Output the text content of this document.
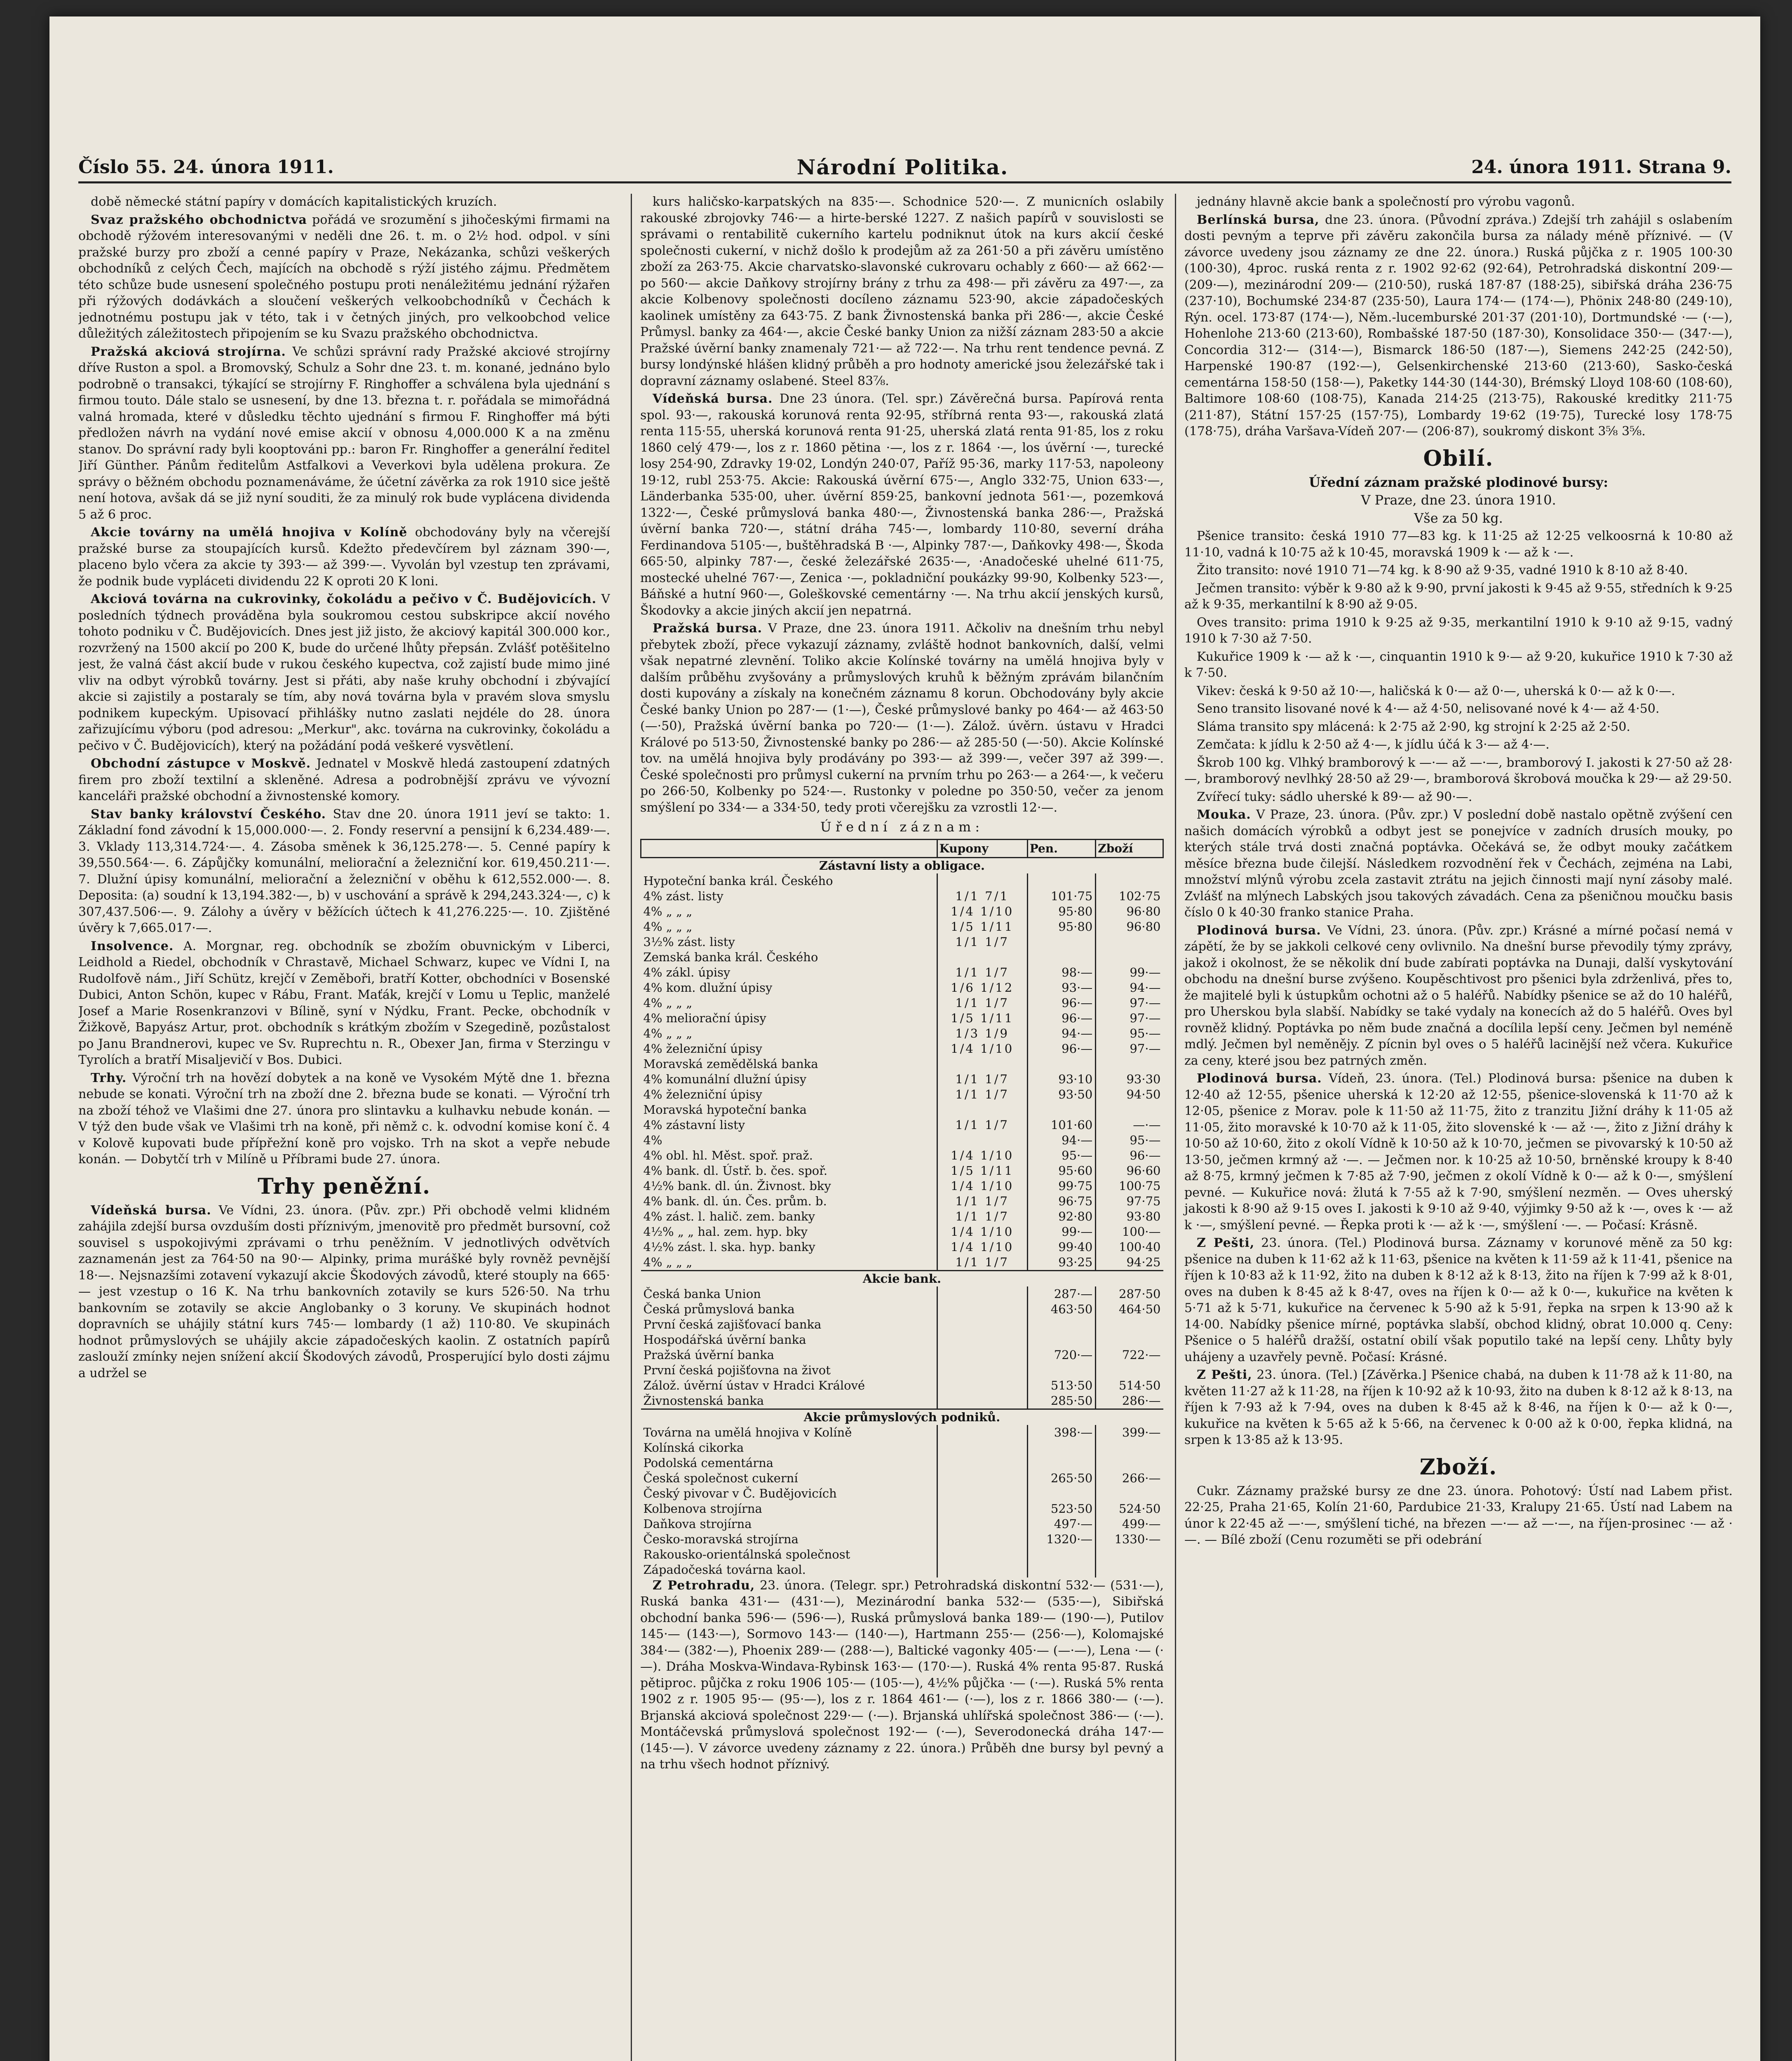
Číslo 55. 24. února 1911.	Národní Politika.	24. února 1911. Strana 9.

době německé státní papíry v domácích kapitalistických kruzích.

Svaz pražského obchodnictva pořádá ve srozumění s jihočeskými firmami na obchodě rýžovém interesovanými v neděli dne 26. t. m. o 2½ hod. odpol. v síni pražské burzy pro zboží a cenné papíry v Praze, Nekázanka, schůzi veškerých obchodníků z celých Čech, majících na obchodě s rýží jistého zájmu. Předmětem této schůze bude usnesení společného postupu proti nenáležitému jednání rýžařen při rýžových dodávkách a sloučení veškerých velkoobchodníků v Čechách k jednotnému postupu jak v této, tak i v četných jiných, pro velkoobchod velice důležitých záležitostech připojením se ku Svazu pražského obchodnictva.

Pražská akciová strojírna. Ve schůzi správní rady Pražské akciové strojírny dříve Ruston a spol. a Bromovský, Schulz a Sohr dne 23. t. m. konané, jednáno bylo podrobně o transakci, týkající se strojírny F. Ringhoffer a schválena byla ujednání s firmou touto. Dále stalo se usnesení, by dne 13. března t. r. pořádala se mimořádná valná hromada, které v důsledku těchto ujednání s firmou F. Ringhoffer má býti předložen návrh na vydání nové emise akcií v obnosu 4,000.000 K a na změnu stanov. Do správní rady byli kooptováni pp.: baron Fr. Ringhoffer a generální ředitel Jiří Günther. Pánům ředitelům Astfalkovi a Veverkovi byla udělena prokura. Ze správy o běžném obchodu poznamenáváme, že účetní závěrka za rok 1910 sice ještě není hotova, avšak dá se již nyní souditi, že za minulý rok bude vyplácena dividenda 5 až 6 proc.

Akcie továrny na umělá hnojiva v Kolíně obchodovány byly na včerejší pražské burse za stoupajících kursů. Kdežto předevčírem byl záznam 390·—, placeno bylo včera za akcie ty 393·— až 399·—. Vyvolán byl vzestup ten zprávami, že podnik bude vypláceti dividendu 22 K oproti 20 K loni.

Akciová továrna na cukrovinky, čokoládu a pečivo v Č. Budějovicích. V posledních týdnech prováděna byla soukromou cestou subskripce akcií nového tohoto podniku v Č. Budějovicích. Dnes jest již jisto, že akciový kapitál 300.000 kor., rozvržený na 1500 akcií po 200 K, bude do určené lhůty přepsán. Zvlášť potěšitelno jest, že valná část akcií bude v rukou českého kupectva, což zajistí bude mimo jiné vliv na odbyt výrobků továrny. Jest si přáti, aby naše kruhy obchodní i zbývající akcie si zajistily a postaraly se tím, aby nová továrna byla v pravém slova smyslu podnikem kupeckým. Upisovací přihlášky nutno zaslati nejdéle do 28. února zařizujícímu výboru (pod adresou: „Merkur", akc. továrna na cukrovinky, čokoládu a pečivo v Č. Budějovicích), který na požádání podá veškeré vysvětlení.

Obchodní zástupce v Moskvě. Jednatel v Moskvě hledá zastoupení zdatných firem pro zboží textilní a skleněné. Adresa a podrobnější zprávu ve vývozní kanceláři pražské obchodní a živnostenské komory.

Stav banky království Českého. Stav dne 20. února 1911 jeví se takto: 1. Základní fond závodní k 15,000.000·—. 2. Fondy reservní a pensijní k 6,234.489·—. 3. Vklady 113,314.724·—. 4. Zásoba směnek k 36,125.278·—. 5. Cenné papíry k 39,550.564·—. 6. Zápůjčky komunální, meliorační a železniční kor. 619,450.211·—. 7. Dlužní úpisy komunální, meliorační a železniční v oběhu k 612,552.000·—. 8. Deposita: (a) soudní k 13,194.382·—, b) v uschování a správě k 294,243.324·—, c) k 307,437.506·—. 9. Zálohy a úvěry v běžících účtech k 41,276.225·—. 10. Zjištěné úvěry k 7,665.017·—.

Insolvence. A. Morgnar, reg. obchodník se zbožím obuvnickým v Liberci, Leidhold a Riedel, obchodník v Chrastavě, Michael Schwarz, kupec ve Vídni I, na Rudolfově nám., Jiří Schütz, krejčí v Zeměboři, bratří Kotter, obchodníci v Bosenské Dubici, Anton Schön, kupec v Rábu, Frant. Maťák, krejčí v Lomu u Teplic, manželé Josef a Marie Rosenkranzovi v Bílině, syní v Nýdku, Frant. Pecke, obchodník v Žižkově, Bapyász Artur, prot. obchodník s krátkým zbožím v Szegedině, pozůstalost po Janu Brandnerovi, kupec ve Sv. Ruprechtu n. R., Obexer Jan, firma v Sterzingu v Tyrolích a bratří Misaljevičí v Bos. Dubici.

Trhy. Výroční trh na hovězí dobytek a na koně ve Vysokém Mýtě dne 1. března nebude se konati. Výroční trh na zboží dne 2. března bude se konati. — Výroční trh na zboží téhož ve Vlašimi dne 27. února pro slintavku a kulhavku nebude konán. — V týž den bude však ve Vlašimi trh na koně, při němž c. k. odvodní komise koní č. 4 v Kolově kupovati bude přípřežní koně pro vojsko. Trh na skot a vepře nebude konán. — Dobytčí trh v Milíně u Příbrami bude 27. února.

Trhy peněžní.

Vídeňská bursa. Ve Vídni, 23. února. (Pův. zpr.) Při obchodě velmi klidném zahájila zdejší bursa ovzduším dosti příznivým, jmenovitě pro předmět bursovní, což souvisel s uspokojivými zprávami o trhu peněžním. V jednotlivých odvětvích zaznamenán jest za 764·50 na 90·— Alpinky, prima murášké byly rovněž pevnější 18·—. Nejsnazšími zotavení vykazují akcie Škodových závodů, které stouply na 665·— jest vzestup o 16 K. Na trhu bankovních zotavily se kurs 526·50. Na trhu bankovním se zotavily se akcie Anglobanky o 3 koruny. Ve skupinách hodnot dopravních se uhájily státní kurs 745·— lombardy (1 až) 110·80. Ve skupinách hodnot průmyslových se uhájily akcie západočeských kaolin. Z ostatních papírů zaslouží zmínky nejen snížení akcií Škodových závodů, Prosperující bylo dosti zájmu a udržel se

kurs haličsko-karpatských na 835·—. Schodnice 520·—. Z municních oslabily rakouské zbrojovky 746·— a hirte-berské 1227. Z našich papírů v souvislosti se správami o rentabilitě cukerního kartelu podniknut útok na kurs akcií české společnosti cukerní, v nichž došlo k prodejům až za 261·50 a při závěru umístěno zboží za 263·75. Akcie charvatsko-slavonské cukrovaru ochably z 660·— až 662·— po 560·— akcie Daňkovy strojírny brány z trhu za 498·— při závěru za 497·—, za akcie Kolbenovy společnosti docíleno záznamu 523·90, akcie západočeských kaolinek umístěny za 643·75. Z bank Živnostenská banka při 286·—, akcie České Průmysl. banky za 464·—, akcie České banky Union za nižší záznam 283·50 a akcie Pražské úvěrní banky znamenaly 721·— až 722·—. Na trhu rent tendence pevná. Z bursy londýnské hlášen klidný průběh a pro hodnoty americké jsou železářské tak i dopravní záznamy oslabené. Steel 83⅞.

Vídeňská bursa. Dne 23 února. (Tel. spr.) Závěrečná bursa. Papírová renta spol. 93·—, rakouská korunová renta 92·95, stříbrná renta 93·—, rakouská zlatá renta 115·55, uherská korunová renta 91·25, uherská zlatá renta 91·85, los z roku 1860 celý 479·—, los z r. 1860 pětina ·—, los z r. 1864 ·—, los úvěrní ·—, turecké losy 254·90, Zdravky 19·02, Londýn 240·07, Paříž 95·36, marky 117·53, napoleony 19·12, rubl 253·75. Akcie: Rakouská úvěrní 675·—, Anglo 332·75, Union 633·—, Länderbanka 535·00, uher. úvěrní 859·25, bankovní jednota 561·—, pozemková 1322·—, České průmyslová banka 480·—, Živnostenská banka 286·—, Pražská úvěrní banka 720·—, státní dráha 745·—, lombardy 110·80, severní dráha Ferdinandova 5105·—, buštěhradská B ·—, Alpinky 787·—, Daňkovky 498·—, Škoda 665·50, alpinky 787·—, české železářské 2635·—, ·Anadočeské uhelné 611·75, mostecké uhelné 767·—, Zenica ·—, pokladniční poukázky 99·90, Kolbenky 523·—, Báňské a hutní 960·—, Goleškovské cementárny ·—. Na trhu akcií jenských kursů, Škodovky a akcie jiných akcií jen nepatrná.

Pražská bursa. V Praze, dne 23. února 1911. Ačkoliv na dnešním trhu nebyl přebytek zboží, přece vykazují záznamy, zvláště hodnot bankovních, další, velmi však nepatrné zlevnění. Toliko akcie Kolínské továrny na umělá hnojiva byly v dalším průběhu zvyšovány a průmyslových kruhů k běžným zprávám bilančním dosti kupovány a získaly na konečném záznamu 8 korun. Obchodovány byly akcie České banky Union po 287·— (1·—), České průmyslové banky po 464·— až 463·50 (—·50), Pražská úvěrní banka po 720·— (1·—). Zálož. úvěrn. ústavu v Hradci Králové po 513·50, Živnostenské banky po 286·— až 285·50 (—·50). Akcie Kolínské tov. na umělá hnojiva byly prodávány po 393·— až 399·—, večer 397 až 399·—. České společnosti pro průmysl cukerní na prvním trhu po 263·— a 264·—, k večeru po 266·50, Kolbenky po 524·—. Rustonky v poledne po 350·50, večer za jenom smýšlení po 334·— a 334·50, tedy proti včerejšku za vzrostli 12·—.

Úřední záznam:
	Kupony	Pen.	Zboží
Zástavní listy a obligace.			
Hypoteční banka král. Českého			
4% zást. listy	1/1 7/1	101·75	102·75
4% „ „ „	1/4 1/10	95·80	96·80
4% „ „ „	1/5 1/11	95·80	96·80
3½% zást. listy	1/1 1/7		
Zemská banka král. Českého			
4% zákl. úpisy	1/1 1/7	98·—	99·—
4% kom. dlužní úpisy	1/6 1/12	93·—	94·—
4% „ „ „	1/1 1/7	96·—	97·—
4% meliorační úpisy	1/5 1/11	96·—	97·—
4% „ „ „	1/3 1/9	94·—	95·—
4% železniční úpisy	1/4 1/10	96·—	97·—
Moravská zemědělská banka			
4% komunální dlužní úpisy	1/1 1/7	93·10	93·30
4% železniční úpisy	1/1 1/7	93·50	94·50
Moravská hypoteční banka			
4% zástavní listy	1/1 1/7	101·60	—·—
4%		94·—	95·—
4% obl. hl. Měst. spoř. praž.	1/4 1/10	95·—	96·—
4% bank. dl. Ústř. b. čes. spoř.	1/5 1/11	95·60	96·60
4½% bank. dl. ún. Živnost. bky	1/4 1/10	99·75	100·75
4% bank. dl. ún. Čes. prům. b.	1/1 1/7	96·75	97·75
4% zást. l. halič. zem. banky	1/1 1/7	92·80	93·80
4½% „ „ hal. zem. hyp. bky	1/4 1/10	99·—	100·—
4½% zást. l. ska. hyp. banky	1/4 1/10	99·40	100·40
4% „ „ „	1/1 1/7	93·25	94·25
Akcie bank.			
Česká banka Union		287·—	287·50
Česká průmyslová banka		463·50	464·50
První česká zajišťovací banka			
Hospodářská úvěrní banka			
Pražská úvěrní banka		720·—	722·—
První česká pojišťovna na život			
Zálož. úvěrní ústav v Hradci Králové		513·50	514·50
Živnostenská banka		285·50	286·—
Akcie průmyslových podniků.			
Továrna na umělá hnojiva v Kolíně		398·—	399·—
Kolínská cikorka			
Podolská cementárna			
Česká společnost cukerní		265·50	266·—
Český pivovar v Č. Budějovicích			
Kolbenova strojírna		523·50	524·50
Daňkova strojírna		497·—	499·—
Česko-moravská strojírna		1320·—	1330·—
Rakousko-orientálnská společnost			
Západočeská továrna kaol.			

Z Petrohradu, 23. února. (Telegr. spr.) Petrohradská diskontní 532·— (531·—), Ruská banka 431·— (431·—), Mezinárodní banka 532·— (535·—), Sibiřská obchodní banka 596·— (596·—), Ruská průmyslová banka 189·— (190·—), Putilov 145·— (143·—), Sormovo 143·— (140·—), Hartmann 255·— (256·—), Kolomajské 384·— (382·—), Phoenix 289·— (288·—), Baltické vagonky 405·— (—·—), Lena ·— (·—). Dráha Moskva-Windava-Rybinsk 163·— (170·—). Ruská 4% renta 95·87. Ruská pětiproc. půjčka z roku 1906 105·— (105·—), 4½% půjčka ·— (·—). Ruská 5% renta 1902 z r. 1905 95·— (95·—), los z r. 1864 461·— (·—), los z r. 1866 380·— (·—). Brjanská akciová společnost 229·— (·—). Brjanská uhlířská společnost 386·— (·—). Montáčevská průmyslová společnost 192·— (·—), Severodonecká dráha 147·— (145·—). V závorce uvedeny záznamy z 22. února.) Průběh dne bursy byl pevný a na trhu všech hodnot příznivý.

jednány hlavně akcie bank a společností pro výrobu vagonů.

Berlínská bursa, dne 23. února. (Původní zpráva.) Zdejší trh zahájil s oslabením dosti pevným a teprve při závěru zakončila bursa za nálady méně příznivé. — (V závorce uvedeny jsou záznamy ze dne 22. února.) Ruská půjčka z r. 1905 100·30 (100·30), 4proc. ruská renta z r. 1902 92·62 (92·64), Petrohradská diskontní 209·— (209·—), mezinárodní 209·— (210·50), ruská 187·87 (188·25), sibiřská dráha 236·75 (237·10), Bochumské 234·87 (235·50), Laura 174·— (174·—), Phönix 248·80 (249·10), Rýn. ocel. 173·87 (174·—), Něm.-lucemburské 201·37 (201·10), Dortmundské ·— (·—), Hohenlohe 213·60 (213·60), Rombašské 187·50 (187·30), Konsolidace 350·— (347·—), Concordia 312·— (314·—), Bismarck 186·50 (187·—), Siemens 242·25 (242·50), Harpenské 190·87 (192·—), Gelsenkirchenské 213·60 (213·60), Sasko-česká cementárna 158·50 (158·—), Paketky 144·30 (144·30), Brémský Lloyd 108·60 (108·60), Baltimore 108·60 (108·75), Kanada 214·25 (213·75), Rakouské kreditky 211·75 (211·87), Státní 157·25 (157·75), Lombardy 19·62 (19·75), Turecké losy 178·75 (178·75), dráha Varšava-Vídeň 207·— (206·87), soukromý diskont 3⅝ 3⅝.

Obilí.
Úřední záznam pražské plodinové bursy:
V Praze, dne 23. února 1910.
Vše za 50 kg.

Pšenice transito: česká 1910 77—83 kg. k 11·25 až 12·25 velkoosrná k 10·80 až 11·10, vadná k 10·75 až k 10·45, moravská 1909 k ·— až k ·—.

Žito transito: nové 1910 71—74 kg. k 8·90 až 9·35, vadné 1910 k 8·10 až 8·40.

Ječmen transito: výběr k 9·80 až k 9·90, první jakosti k 9·45 až 9·55, středních k 9·25 až k 9·35, merkantilní k 8·90 až 9·05.

Oves transito: prima 1910 k 9·25 až 9·35, merkantilní 1910 k 9·10 až 9·15, vadný 1910 k 7·30 až 7·50.

Kukuřice 1909 k ·— až k ·—, cinquantin 1910 k 9·— až 9·20, kukuřice 1910 k 7·30 až k 7·50.

Vikev: česká k 9·50 až 10·—, haličská k 0·— až 0·—, uherská k 0·— až k 0·—.

Seno transito lisované nové k 4·— až 4·50, nelisované nové k 4·— až 4·50.

Sláma transito spy mlácená: k 2·75 až 2·90, kg strojní k 2·25 až 2·50.

Zemčata: k jídlu k 2·50 až 4·—, k jídlu účá k 3·— až 4·—.

Škrob 100 kg. Vlhký bramborový k —·— až —·—, bramborový I. jakosti k 27·50 až 28·—, bramborový nevlhký 28·50 až 29·—, bramborová škrobová moučka k 29·— až 29·50.

Zvířecí tuky: sádlo uherské k 89·— až 90·—.

Mouka. V Praze, 23. února. (Pův. zpr.) V poslední době nastalo opětně zvýšení cen našich domácích výrobků a odbyt jest se ponejvíce v zadních drusích mouky, po kterých stále trvá dosti značná poptávka. Očekává se, že odbyt mouky začátkem měsíce března bude čilejší. Následkem rozvodnění řek v Čechách, zejména na Labi, množství mlýnů výrobu zcela zastavit ztrátu na jejich činnosti mají nyní zásoby malé. Zvlášť na mlýnech Labských jsou takových závadách. Cena za pšeničnou moučku basis číslo 0 k 40·30 franko stanice Praha.

Plodinová bursa. Ve Vídni, 23. února. (Pův. zpr.) Krásné a mírné počasí nemá v zápětí, že by se jakkoli celkové ceny ovlivnilo. Na dnešní burse převodily týmy zprávy, jakož i okolnost, že se několik dní bude zabírati poptávka na Dunaji, další vyskytování obchodu na dnešní burse zvýšeno. Koupěschtivost pro pšenici byla zdrženlivá, přes to, že majitelé byli k ústupkům ochotni až o 5 haléřů. Nabídky pšenice se až do 10 haléřů, pro Uherskou byla slabší. Nabídky se také vydaly na konecích až do 5 haléřů. Oves byl rovněž klidný. Poptávka po něm bude značná a docílila lepší ceny. Ječmen byl neméně mdlý. Ječmen byl neměnějy. Z pícnin byl oves o 5 haléřů lacinější než včera. Kukuřice za ceny, které jsou bez patrných změn.

Plodinová bursa. Vídeň, 23. února. (Tel.) Plodinová bursa: pšenice na duben k 12·40 až 12·55, pšenice uherská k 12·20 až 12·55, pšenice-slovenská k 11·70 až k 12·05, pšenice z Morav. pole k 11·50 až 11·75, žito z tranzitu Jižní dráhy k 11·05 až 11·05, žito moravské k 10·70 až k 11·05, žito slovenské k ·— až ·—, žito z Jižní dráhy k 10·50 až 10·60, žito z okolí Vídně k 10·50 až k 10·70, ječmen se pivovarský k 10·50 až 13·50, ječmen krmný až ·—. — Ječmen nor. k 10·25 až 10·50, brněnské kroupy k 8·40 až 8·75, krmný ječmen k 7·85 až 7·90, ječmen z okolí Vídně k 0·— až k 0·—, smýšlení pevné. — Kukuřice nová: žlutá k 7·55 až k 7·90, smýšlení nezměn. — Oves uherský jakosti k 8·90 až 9·15 oves I. jakosti k 9·10 až 9·40, výjimky 9·50 až k ·—, oves k ·— až k ·—, smýšlení pevné. — Řepka proti k ·— až k ·—, smýšlení ·—. — Počasí: Krásně.

Z Pešti, 23. února. (Tel.) Plodinová bursa. Záznamy v korunové měně za 50 kg: pšenice na duben k 11·62 až k 11·63, pšenice na květen k 11·59 až k 11·41, pšenice na říjen k 10·83 až k 11·92, žito na duben k 8·12 až k 8·13, žito na říjen k 7·99 až k 8·01, oves na duben k 8·45 až k 8·47, oves na říjen k 0·— až k 0·—, kukuřice na květen k 5·71 až k 5·71, kukuřice na červenec k 5·90 až k 5·91, řepka na srpen k 13·90 až k 14·00. Nabídky pšenice mírné, poptávka slabší, obchod klidný, obrat 10.000 q. Ceny: Pšenice o 5 haléřů dražší, ostatní obilí však poputilo také na lepší ceny. Lhůty byly uhájeny a uzavřely pevně. Počasí: Krásné.

Z Pešti, 23. února. (Tel.) [Závěrka.] Pšenice chabá, na duben k 11·78 až k 11·80, na květen 11·27 až k 11·28, na říjen k 10·92 až k 10·93, žito na duben k 8·12 až k 8·13, na říjen k 7·93 až k 7·94, oves na duben k 8·45 až k 8·46, na říjen k 0·— až k 0·—, kukuřice na květen k 5·65 až k 5·66, na červenec k 0·00 až k 0·00, řepka klidná, na srpen k 13·85 až k 13·95.

Zboží.

Cukr. Záznamy pražské bursy ze dne 23. února. Pohotový: Ústí nad Labem přist. 22·25, Praha 21·65, Kolín 21·60, Pardubice 21·33, Kralupy 21·65. Ústí nad Labem na únor k 22·45 až —·—, smýšlení tiché, na březen —·— až —·—, na říjen-prosinec ·— až ·—. — Bílé zboží (Cenu rozuměti se při odebrání
